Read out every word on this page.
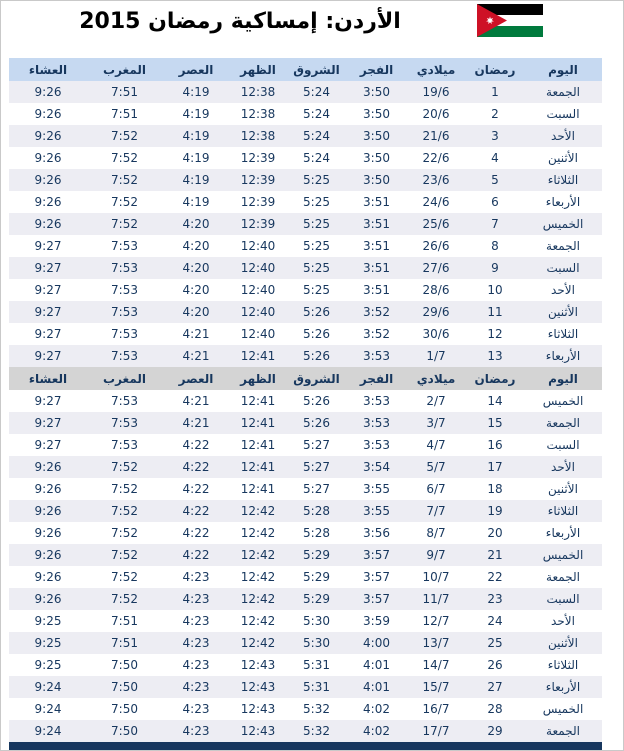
الأردن: إمساكية رمضان 2015
اليوم	رمضان	ميلادي	الفجر	الشروق	الظهر	العصر	المغرب	العشاء
الجمعة	1	19/6	3:50	5:24	12:38	4:19	7:51	9:26
السبت	2	20/6	3:50	5:24	12:38	4:19	7:51	9:26
الأحد	3	21/6	3:50	5:24	12:38	4:19	7:52	9:26
الأثنين	4	22/6	3:50	5:24	12:39	4:19	7:52	9:26
الثلاثاء	5	23/6	3:50	5:25	12:39	4:19	7:52	9:26
الأربعاء	6	24/6	3:51	5:25	12:39	4:19	7:52	9:26
الخميس	7	25/6	3:51	5:25	12:39	4:20	7:52	9:26
الجمعة	8	26/6	3:51	5:25	12:40	4:20	7:53	9:27
السبت	9	27/6	3:51	5:25	12:40	4:20	7:53	9:27
الأحد	10	28/6	3:51	5:25	12:40	4:20	7:53	9:27
الأثنين	11	29/6	3:52	5:26	12:40	4:20	7:53	9:27
الثلاثاء	12	30/6	3:52	5:26	12:40	4:21	7:53	9:27
الأربعاء	13	1/7	3:53	5:26	12:41	4:21	7:53	9:27
اليوم	رمضان	ميلادي	الفجر	الشروق	الظهر	العصر	المغرب	العشاء
الخميس	14	2/7	3:53	5:26	12:41	4:21	7:53	9:27
الجمعة	15	3/7	3:53	5:26	12:41	4:21	7:53	9:27
السبت	16	4/7	3:53	5:27	12:41	4:22	7:53	9:27
الأحد	17	5/7	3:54	5:27	12:41	4:22	7:52	9:26
الأثنين	18	6/7	3:55	5:27	12:41	4:22	7:52	9:26
الثلاثاء	19	7/7	3:55	5:28	12:42	4:22	7:52	9:26
الأربعاء	20	8/7	3:56	5:28	12:42	4:22	7:52	9:26
الخميس	21	9/7	3:57	5:29	12:42	4:22	7:52	9:26
الجمعة	22	10/7	3:57	5:29	12:42	4:23	7:52	9:26
السبت	23	11/7	3:57	5:29	12:42	4:23	7:52	9:26
الأحد	24	12/7	3:59	5:30	12:42	4:23	7:51	9:25
الأثنين	25	13/7	4:00	5:30	12:42	4:23	7:51	9:25
الثلاثاء	26	14/7	4:01	5:31	12:43	4:23	7:50	9:25
الأربعاء	27	15/7	4:01	5:31	12:43	4:23	7:50	9:24
الخميس	28	16/7	4:02	5:32	12:43	4:23	7:50	9:24
الجمعة	29	17/7	4:02	5:32	12:43	4:23	7:50	9:24
